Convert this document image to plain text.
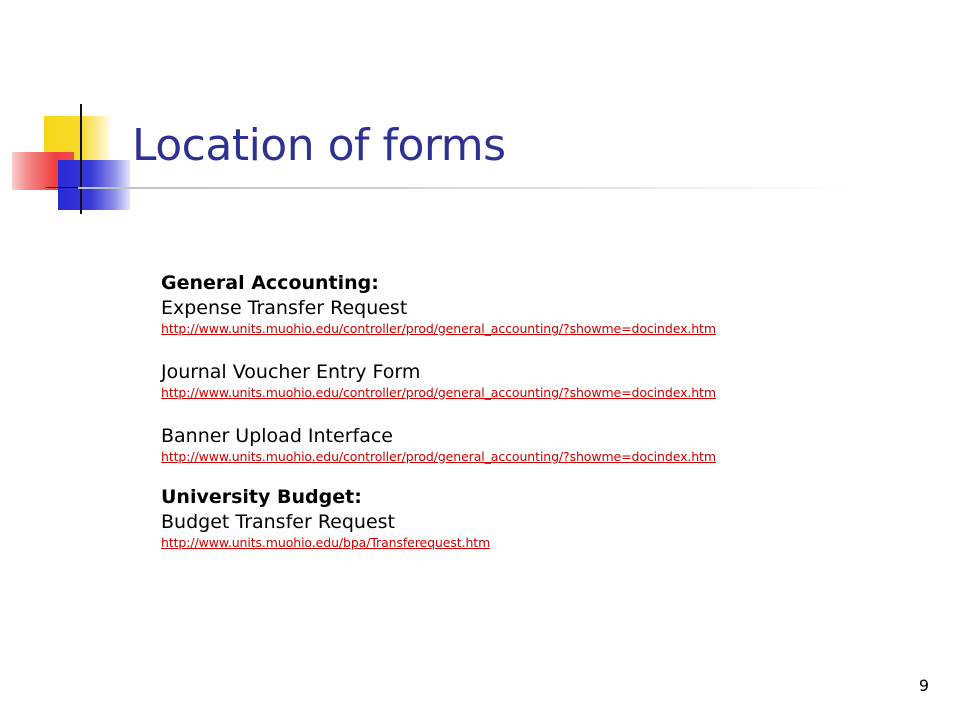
Location of forms

General Accounting:

Expense Transfer Request

http://www.units.muohio.edu/controller/prod/general_accounting/?showme=docindex.htm

Journal Voucher Entry Form

http://www.units.muohio.edu/controller/prod/general_accounting/?showme=docindex.htm

Banner Upload Interface

http://www.units.muohio.edu/controller/prod/general_accounting/?showme=docindex.htm

University Budget:

Budget Transfer Request

http://www.units.muohio.edu/bpa/Transferequest.htm
9
